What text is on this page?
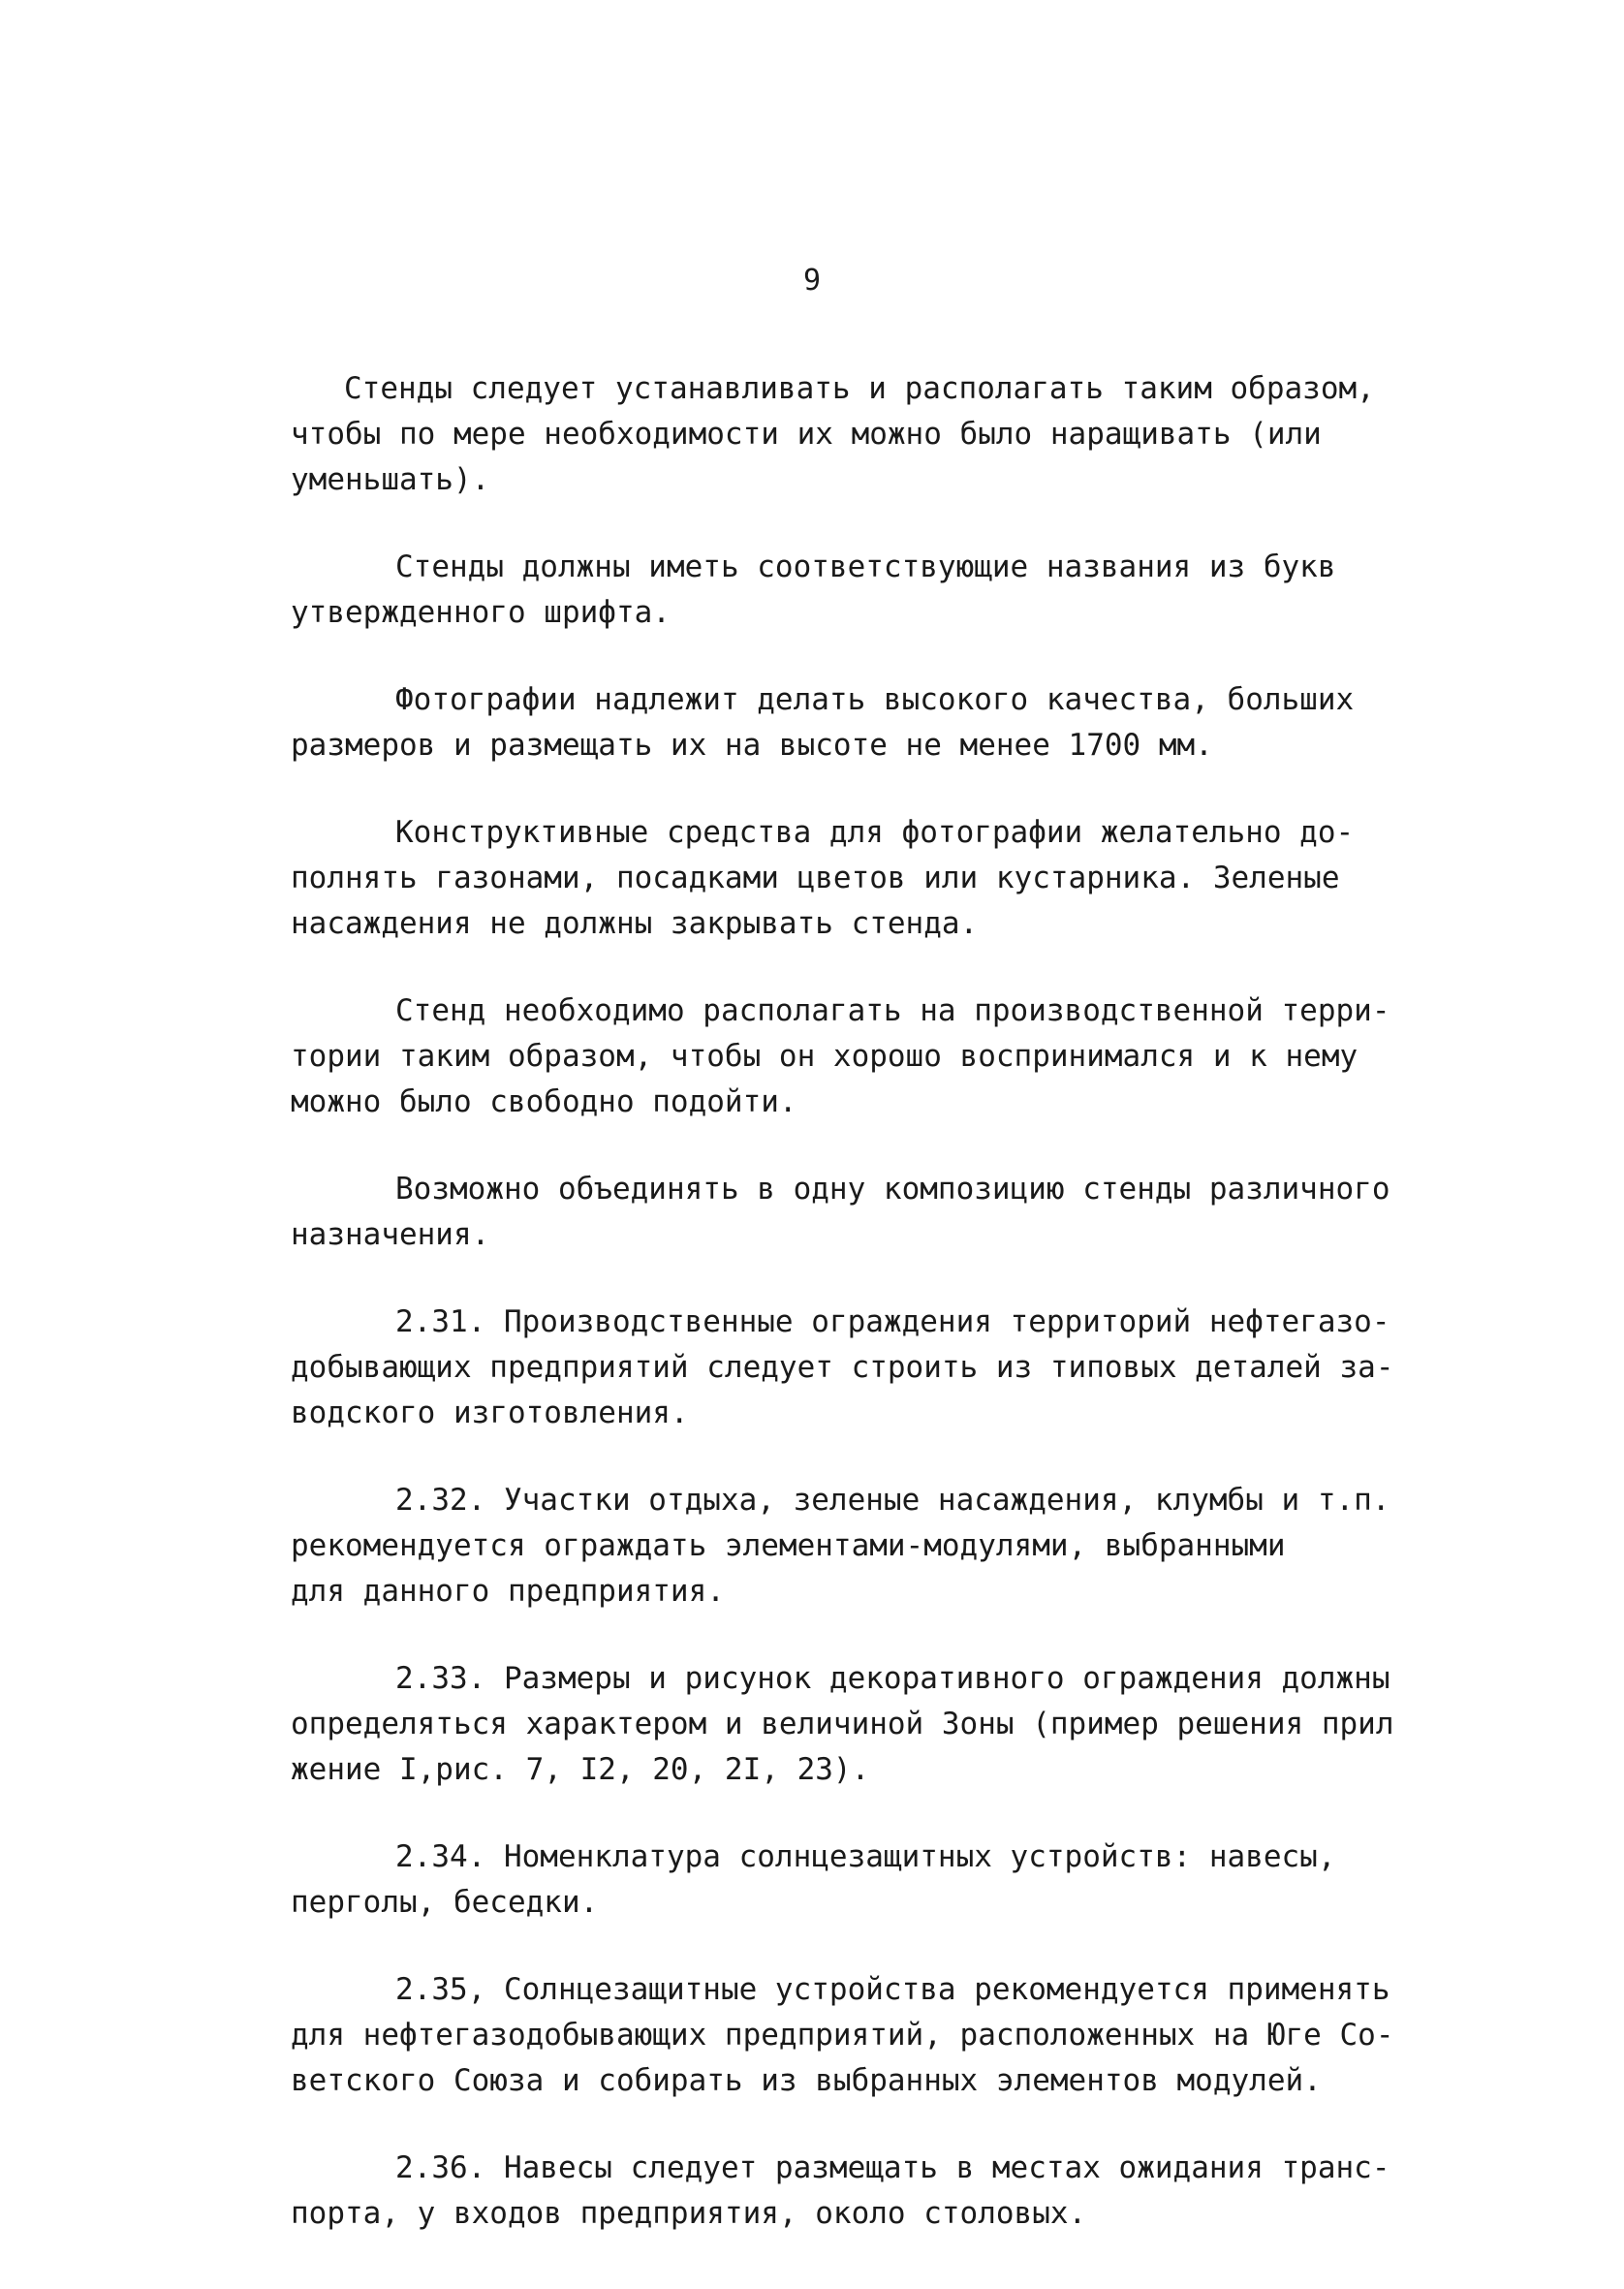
9

Стенды следует устанавливать и располагать таким образом,
чтобы по мере необходимости их можно было наращивать (или
уменьшать).

Стенды должны иметь соответствующие названия из букв
утвержденного шрифта.

Фотографии надлежит делать высокого качества, больших
размеров и размещать их на высоте не менее 1700 мм.

Конструктивные средства для фотографии желательно до-
полнять газонами, посадками цветов или кустарника. Зеленые
насаждения не должны закрывать стенда.

Стенд необходимо располагать на производственной терри-
тории таким образом, чтобы он хорошо воспринимался и к нему
можно было свободно подойти.

Возможно объединять в одну композицию стенды различного
назначения.

2.31. Производственные ограждения территорий нефтегазо-
добывающих предприятий следует строить из типовых деталей за-
водского изготовления.

2.32. Участки отдыха, зеленые насаждения, клумбы и т.п.
рекомендуется ограждать элементами-модулями, выбранными
для данного предприятия.

2.33. Размеры и рисунок декоративного ограждения должны
определяться характером и величиной Зоны (пример решения прил
жение I,рис. 7, I2, 20, 2I, 23).

2.34. Номенклатура солнцезащитных устройств: навесы,
перголы, беседки.

2.35, Солнцезащитные устройства рекомендуется применять
для нефтегазодобывающих предприятий, расположенных на Юге Со-
ветского Союза и собирать из выбранных элементов модулей.

2.36. Навесы следует размещать в местах ожидания транс-
порта, у входов предприятия, около столовых.
